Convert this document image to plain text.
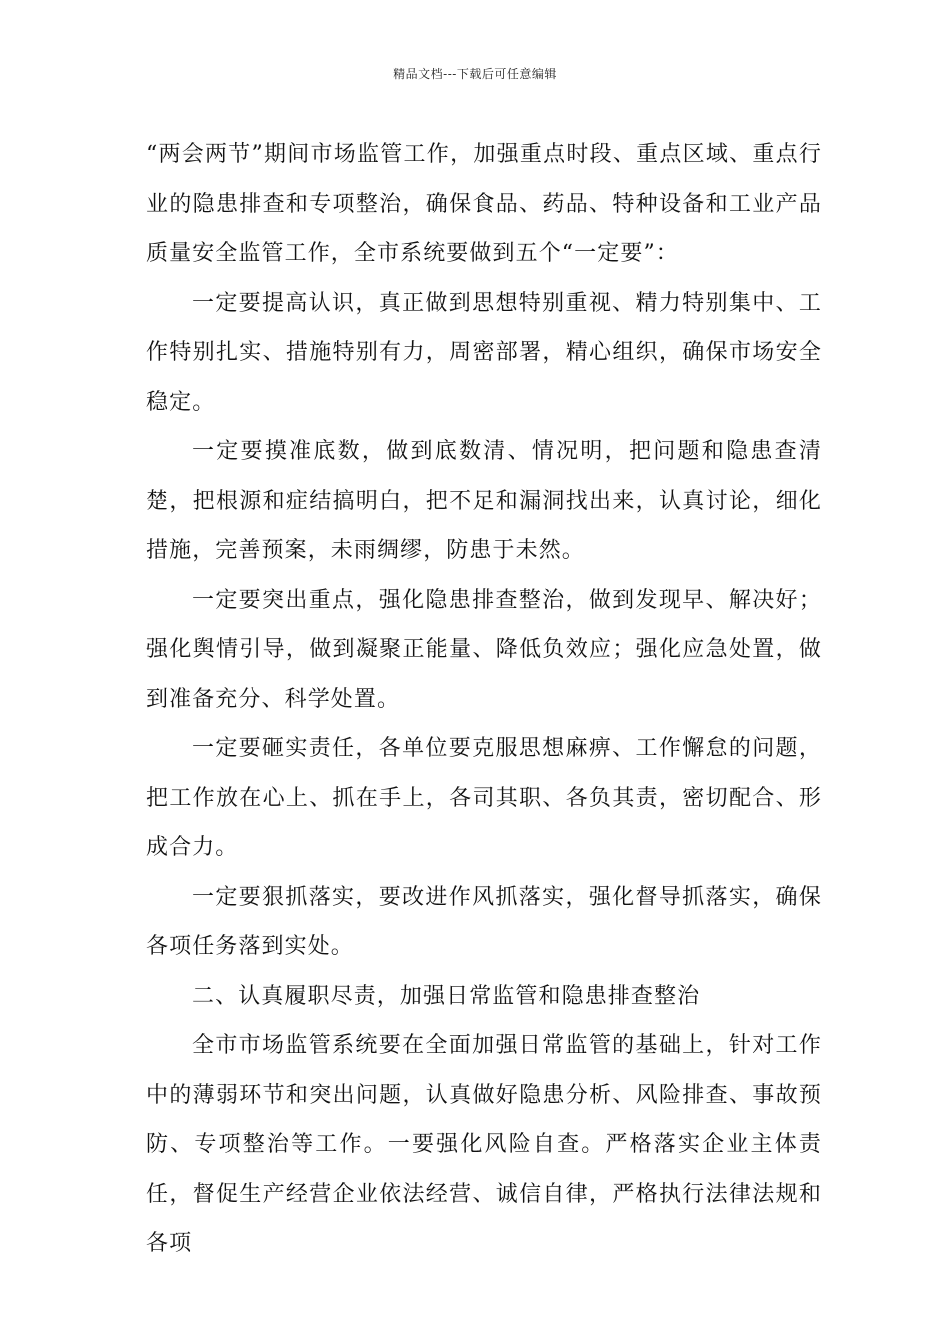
精品文档---下载后可任意编辑

“两会两节”期间市场监管工作，加强重点时段、重点区域、重点行业的隐患排查和专项整治，确保食品、药品、特种设备和工业产品质量安全监管工作，全市系统要做到五个“一定要”：

一定要提高认识，真正做到思想特别重视、精力特别集中、工作特别扎实、措施特别有力，周密部署，精心组织，确保市场安全稳定。

一定要摸准底数，做到底数清、情况明，把问题和隐患查清楚，把根源和症结搞明白，把不足和漏洞找出来，认真讨论，细化措施，完善预案，未雨绸缪，防患于未然。

一定要突出重点，强化隐患排查整治，做到发现早、解决好；强化舆情引导，做到凝聚正能量、降低负效应；强化应急处置，做到准备充分、科学处置。

一定要砸实责任，各单位要克服思想麻痹、工作懈怠的问题，把工作放在心上、抓在手上，各司其职、各负其责，密切配合、形成合力。

一定要狠抓落实，要改进作风抓落实，强化督导抓落实，确保各项任务落到实处。

二、认真履职尽责，加强日常监管和隐患排查整治

全市市场监管系统要在全面加强日常监管的基础上，针对工作中的薄弱环节和突出问题，认真做好隐患分析、风险排查、事故预防、专项整治等工作。一要强化风险自查。严格落实企业主体责任，督促生产经营企业依法经营、诚信自律，严格执行法律法规和各项
